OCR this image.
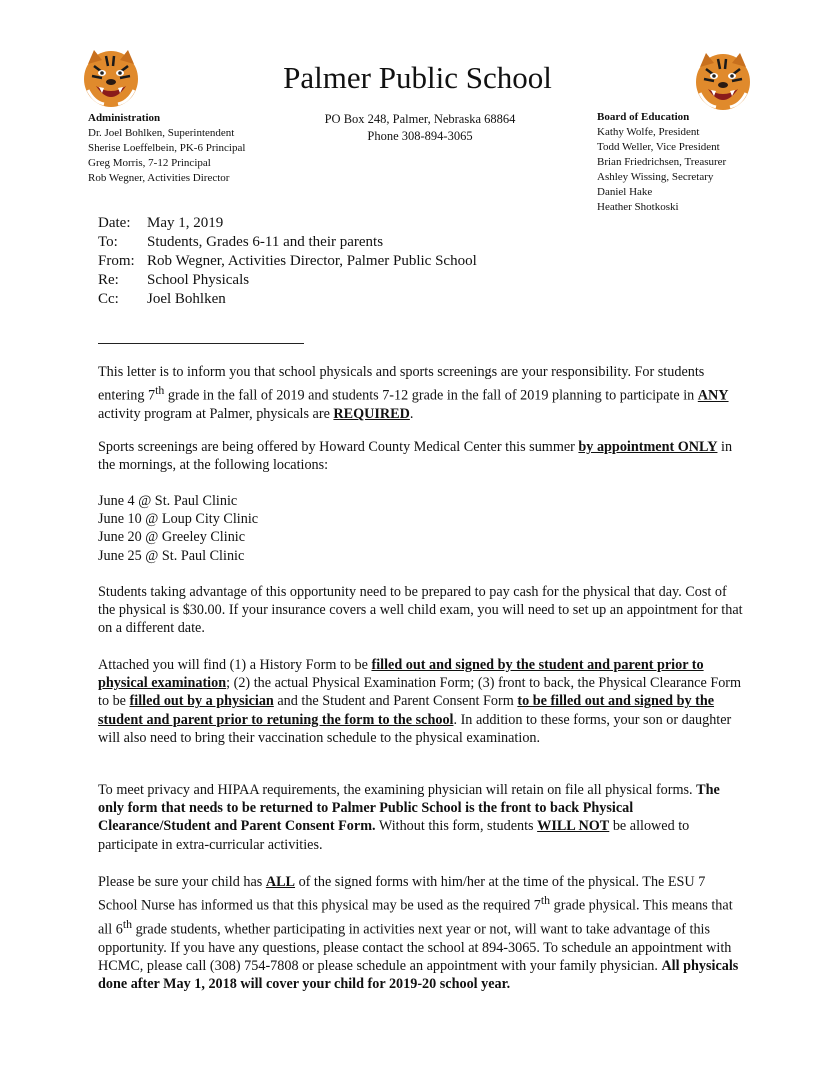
Palmer Public School
Administration
Dr. Joel Bohlken, Superintendent
Sherise Loeffelbein, PK-6 Principal
Greg Morris, 7-12 Principal
Rob Wegner, Activities Director
PO Box 248, Palmer, Nebraska 68864
Phone 308-894-3065
Board of Education
Kathy Wolfe, President
Todd Weller, Vice President
Brian Friedrichsen, Treasurer
Ashley Wissing, Secretary
Daniel Hake
Heather Shotkoski
Date:	May 1, 2019
To:	Students, Grades 6-11 and their parents
From: Rob Wegner, Activities Director, Palmer Public School
Re:	School Physicals
Cc:	Joel Bohlken

This letter is to inform you that school physicals and sports screenings are your responsibility. For students entering 7th grade in the fall of 2019 and students 7-12 grade in the fall of 2019 planning to participate in ANY activity program at Palmer, physicals are REQUIRED.

Sports screenings are being offered by Howard County Medical Center this summer by appointment ONLY in the mornings, at the following locations:

June 4 @ St. Paul Clinic
June 10 @ Loup City Clinic
June 20 @ Greeley Clinic
June 25 @ St. Paul Clinic

Students taking advantage of this opportunity need to be prepared to pay cash for the physical that day. Cost of the physical is $30.00. If your insurance covers a well child exam, you will need to set up an appointment for that on a different date.

Attached you will find (1) a History Form to be filled out and signed by the student and parent prior to physical examination; (2) the actual Physical Examination Form; (3) front to back, the Physical Clearance Form to be filled out by a physician and the Student and Parent Consent Form to be filled out and signed by the student and parent prior to retuning the form to the school. In addition to these forms, your son or daughter will also need to bring their vaccination schedule to the physical examination.

To meet privacy and HIPAA requirements, the examining physician will retain on file all physical forms. The only form that needs to be returned to Palmer Public School is the front to back Physical Clearance/Student and Parent Consent Form. Without this form, students WILL NOT be allowed to participate in extra-curricular activities.

Please be sure your child has ALL of the signed forms with him/her at the time of the physical. The ESU 7 School Nurse has informed us that this physical may be used as the required 7th grade physical. This means that all 6th grade students, whether participating in activities next year or not, will want to take advantage of this opportunity. If you have any questions, please contact the school at 894-3065. To schedule an appointment with HCMC, please call (308) 754-7808 or please schedule an appointment with your family physician. All physicals done after May 1, 2018 will cover your child for 2019-20 school year.
